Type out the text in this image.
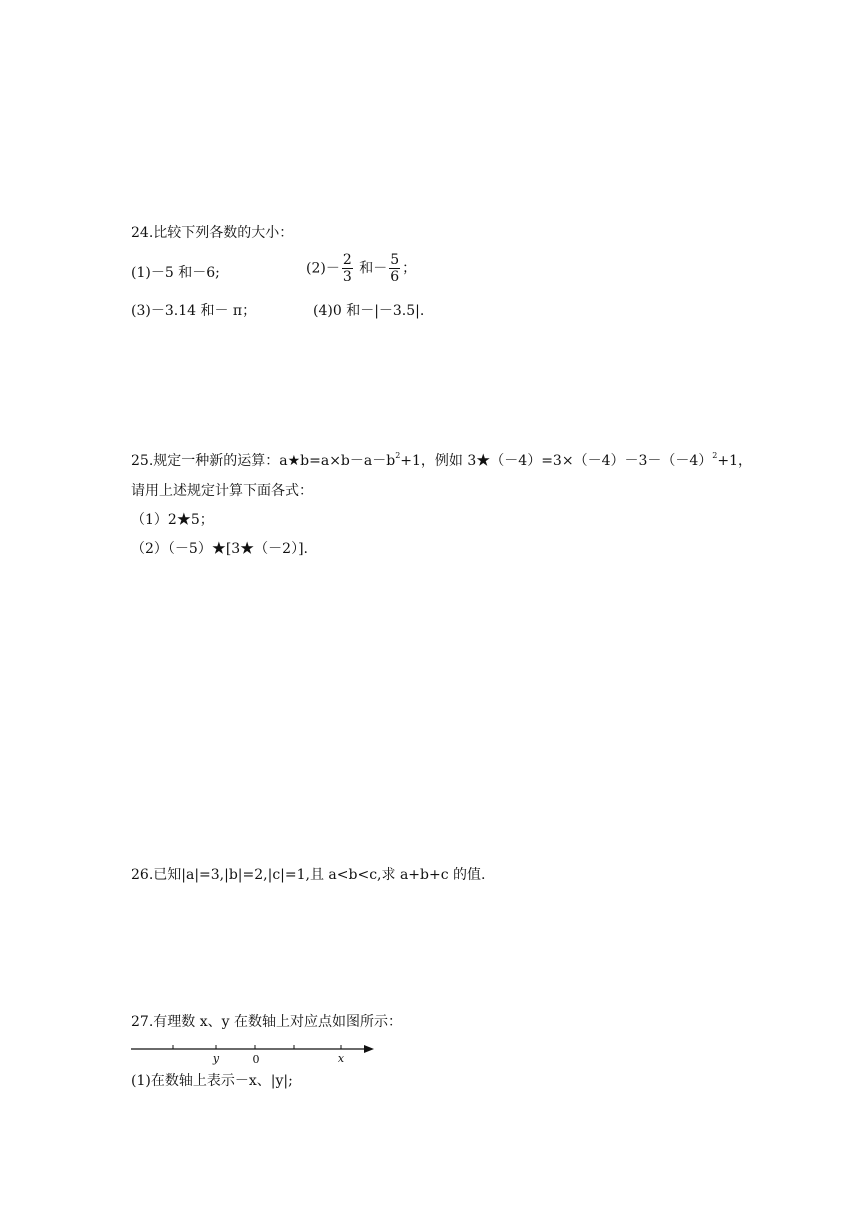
24.比较下列各数的大小：
(1)－5 和－6;	$(2)- \frac{2}{3}$ 和－ $\frac{5}{6}$ ；
(3)－3.14 和－ π；	(4)0 和－|－3.5|.
25.规定一种新的运算：$a★b=a\times b-a-b^2+1$，例如 $3★(-4)=3\times(-4)-3-(-4)^2+1$，
请用上述规定计算下面各式：
（1）2★5；
（2）（－5）★[3★（－2）].
26.已知|a|=3,|b|=2,|c|=1,且 a<b<c,求 a+b+c 的值.
27.有理数 x、y 在数轴上对应点如图所示：
y	0	x
(1)在数轴上表示－x、|y|;
